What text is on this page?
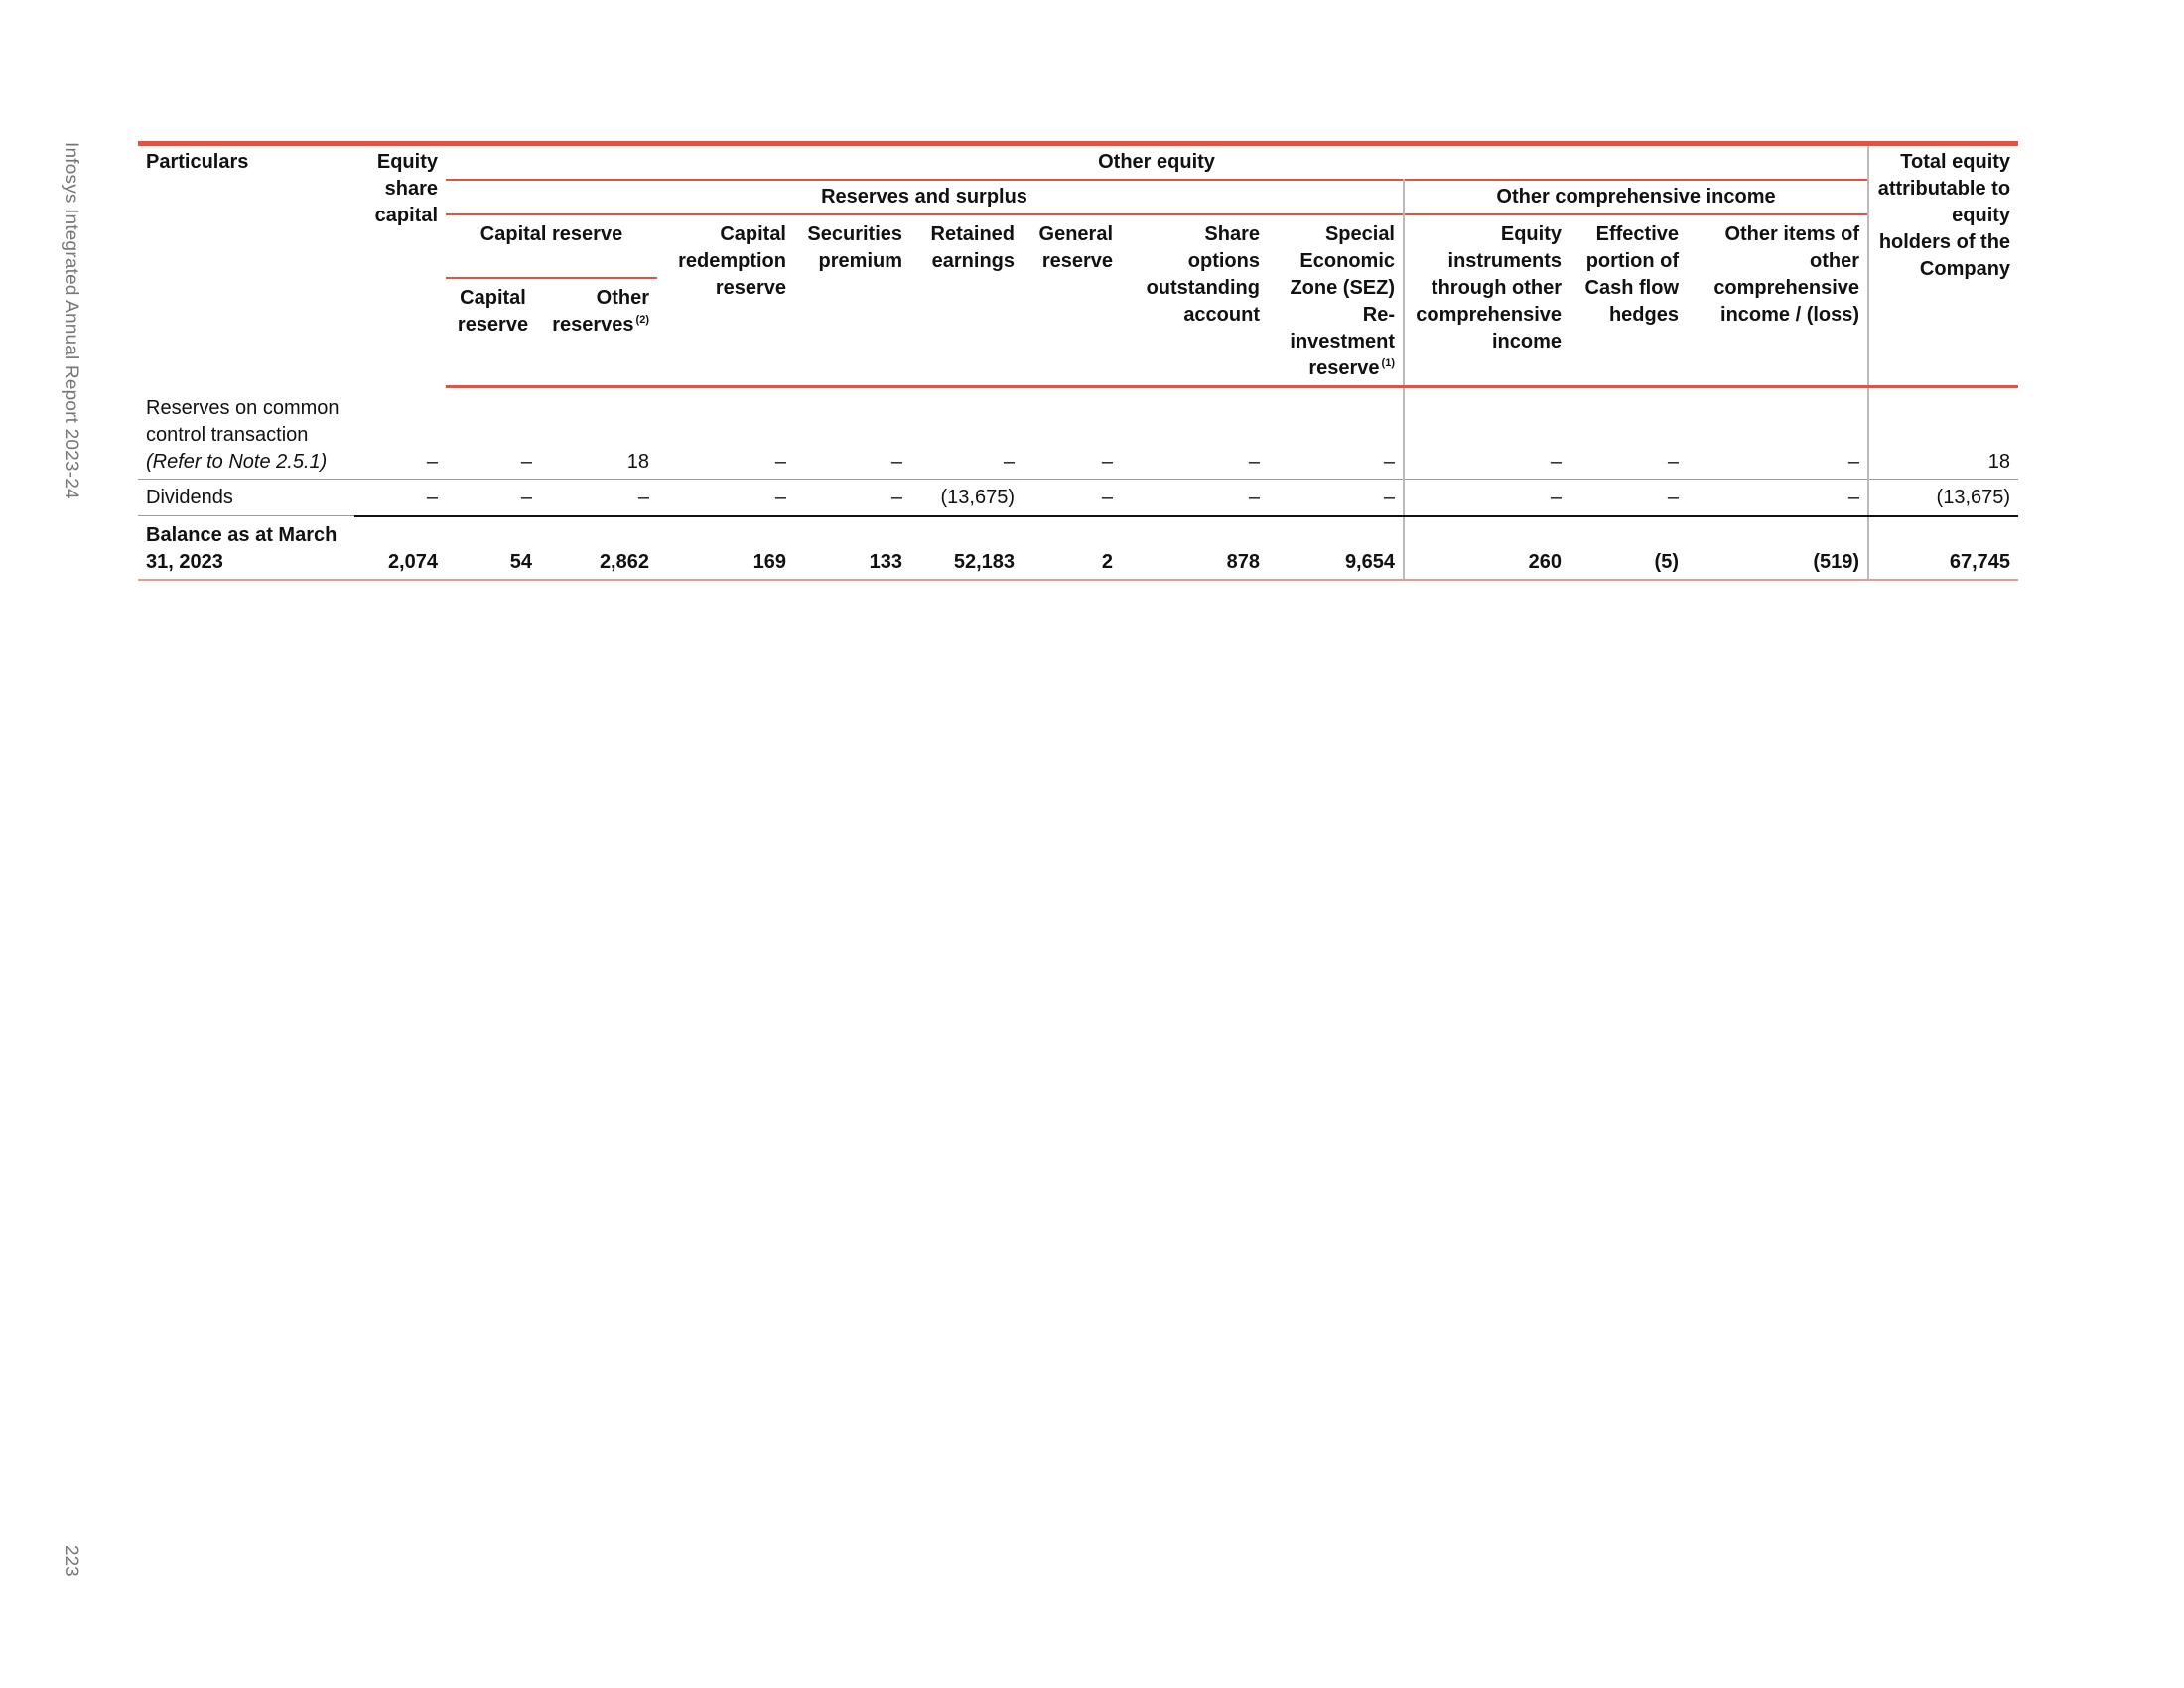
Infosys Integrated Annual Report 2023-24
223
Particulars	Equity share capital	Other equity											Total equity attributable to equity holders of the Company
		Reserves and surplus								Other comprehensive income			
		Capital reserve		Capital redemption reserve	Securities premium	Retained earnings	General reserve	Share options outstanding account	Special Economic Zone (SEZ) Re-investment reserve $^{(1)}$	Equity instruments through other comprehensive income	Effective portion of Cash flow hedges	Other items of other comprehensive income / (loss)	
		Capital reserve	Other reserves $^{(2)}$
Reserves on common control transaction (Refer to Note 2.5.1)	–	–	18	–	–	–	–	–	–	–	–	–	18
Dividends	–	–	–	–	–	(13,675)	–	–	–	–	–	–	(13,675)
Balance as at March 31, 2023	2,074	54	2,862	169	133	52,183	2	878	9,654	260	(5)	(519)	67,745
